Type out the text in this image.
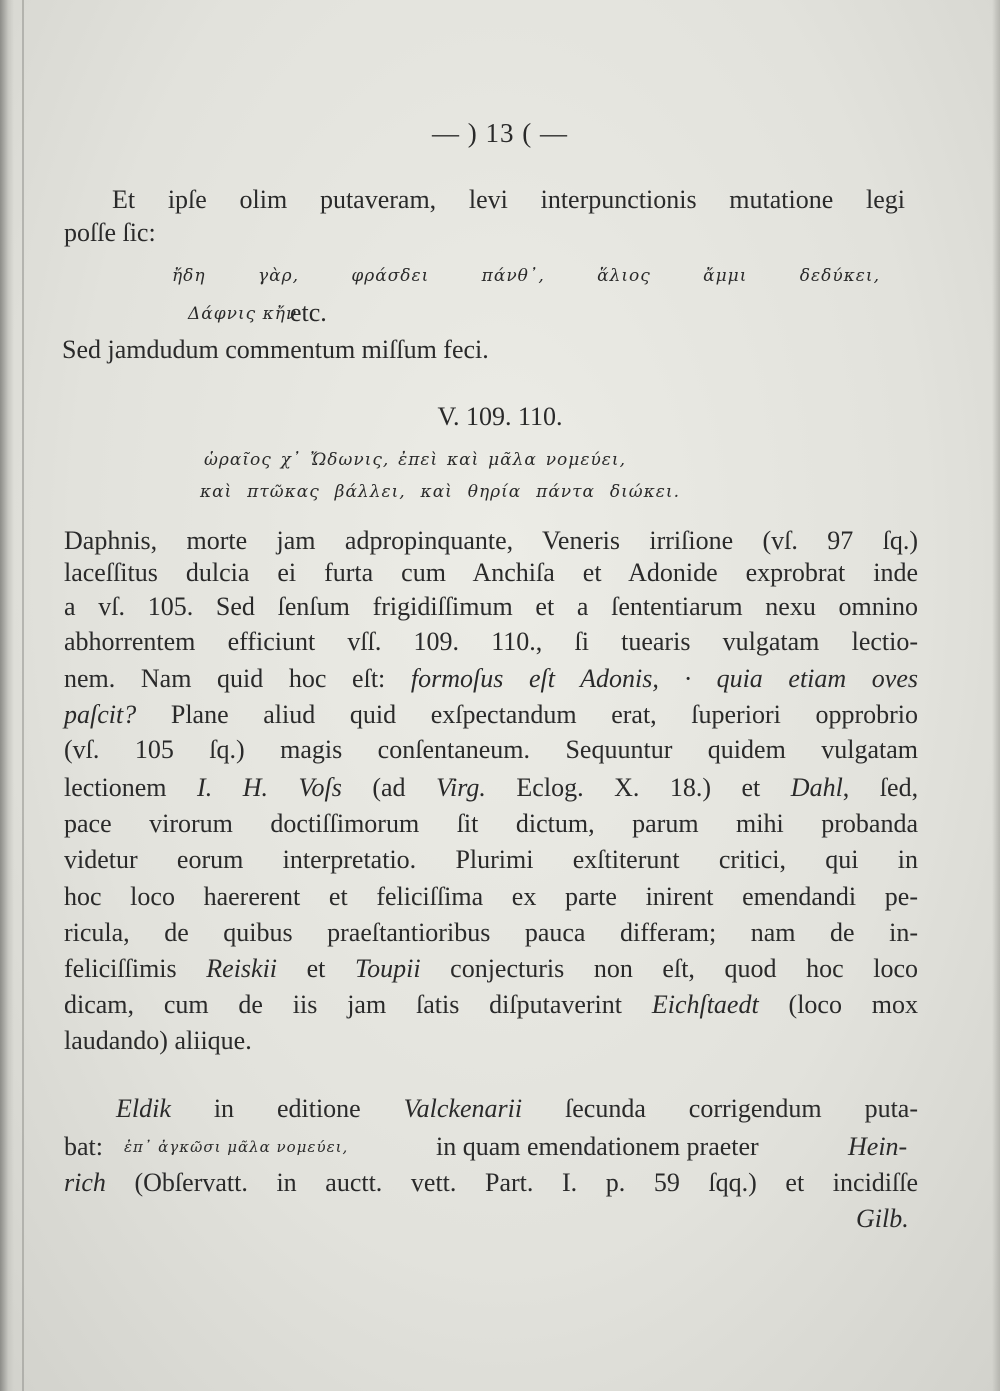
— ) 13 ( —
Et ipſe olim putaveram, levi interpunctionis mutatione legi
poſſe ſic:
ἤδη γὰρ, φράσδει πάνθ᾽, ἅλιος ἄμμι δεδύκει,
Δάφνις κἤν
etc.
Sed jamdudum commentum miſſum feci.
V. 109. 110.
ὡραῖος χ᾽ Ὤδωνις, ἐπεὶ καὶ μᾶλα νομεύει,
καὶ πτῶκας βάλλει, καὶ θηρία πάντα διώκει.
Daphnis, morte jam adpropinquante, Veneris irriſione (vſ. 97 ſq.)
laceſſitus dulcia ei furta cum Anchiſa et Adonide exprobrat inde
a vſ. 105. Sed ſenſum frigidiſſimum et a ſententiarum nexu omnino
abhorrentem efficiunt vſſ. 109. 110., ſi tuearis vulgatam lectio-
nem. Nam quid hoc eſt: formoſus eſt Adonis, · quia etiam oves
paſcit? Plane aliud quid exſpectandum erat, ſuperiori opprobrio
(vſ. 105 ſq.) magis conſentaneum. Sequuntur quidem vulgatam
lectionem I. H. Voſs (ad Virg. Eclog. X. 18.) et Dahl, ſed,
pace virorum doctiſſimorum ſit dictum, parum mihi probanda
videtur eorum interpretatio. Plurimi exſtiterunt critici, qui in
hoc loco haererent et feliciſſima ex parte inirent emendandi pe-
ricula, de quibus praeſtantioribus pauca differam; nam de in-
feliciſſimis Reiskii et Toupii conjecturis non eſt, quod hoc loco
dicam, cum de iis jam ſatis diſputaverint Eichſtaedt (loco mox
laudando) aliique.
Eldik in editione Valckenarii ſecunda corrigendum puta-
bat:	ἐπ᾽ ἀγκῶσι μᾶλα νομεύει,	in quam emendationem praeter	Hein-
rich (Obſervatt. in auctt. vett. Part. I. p. 59 ſqq.) et incidiſſe
Gilb.
